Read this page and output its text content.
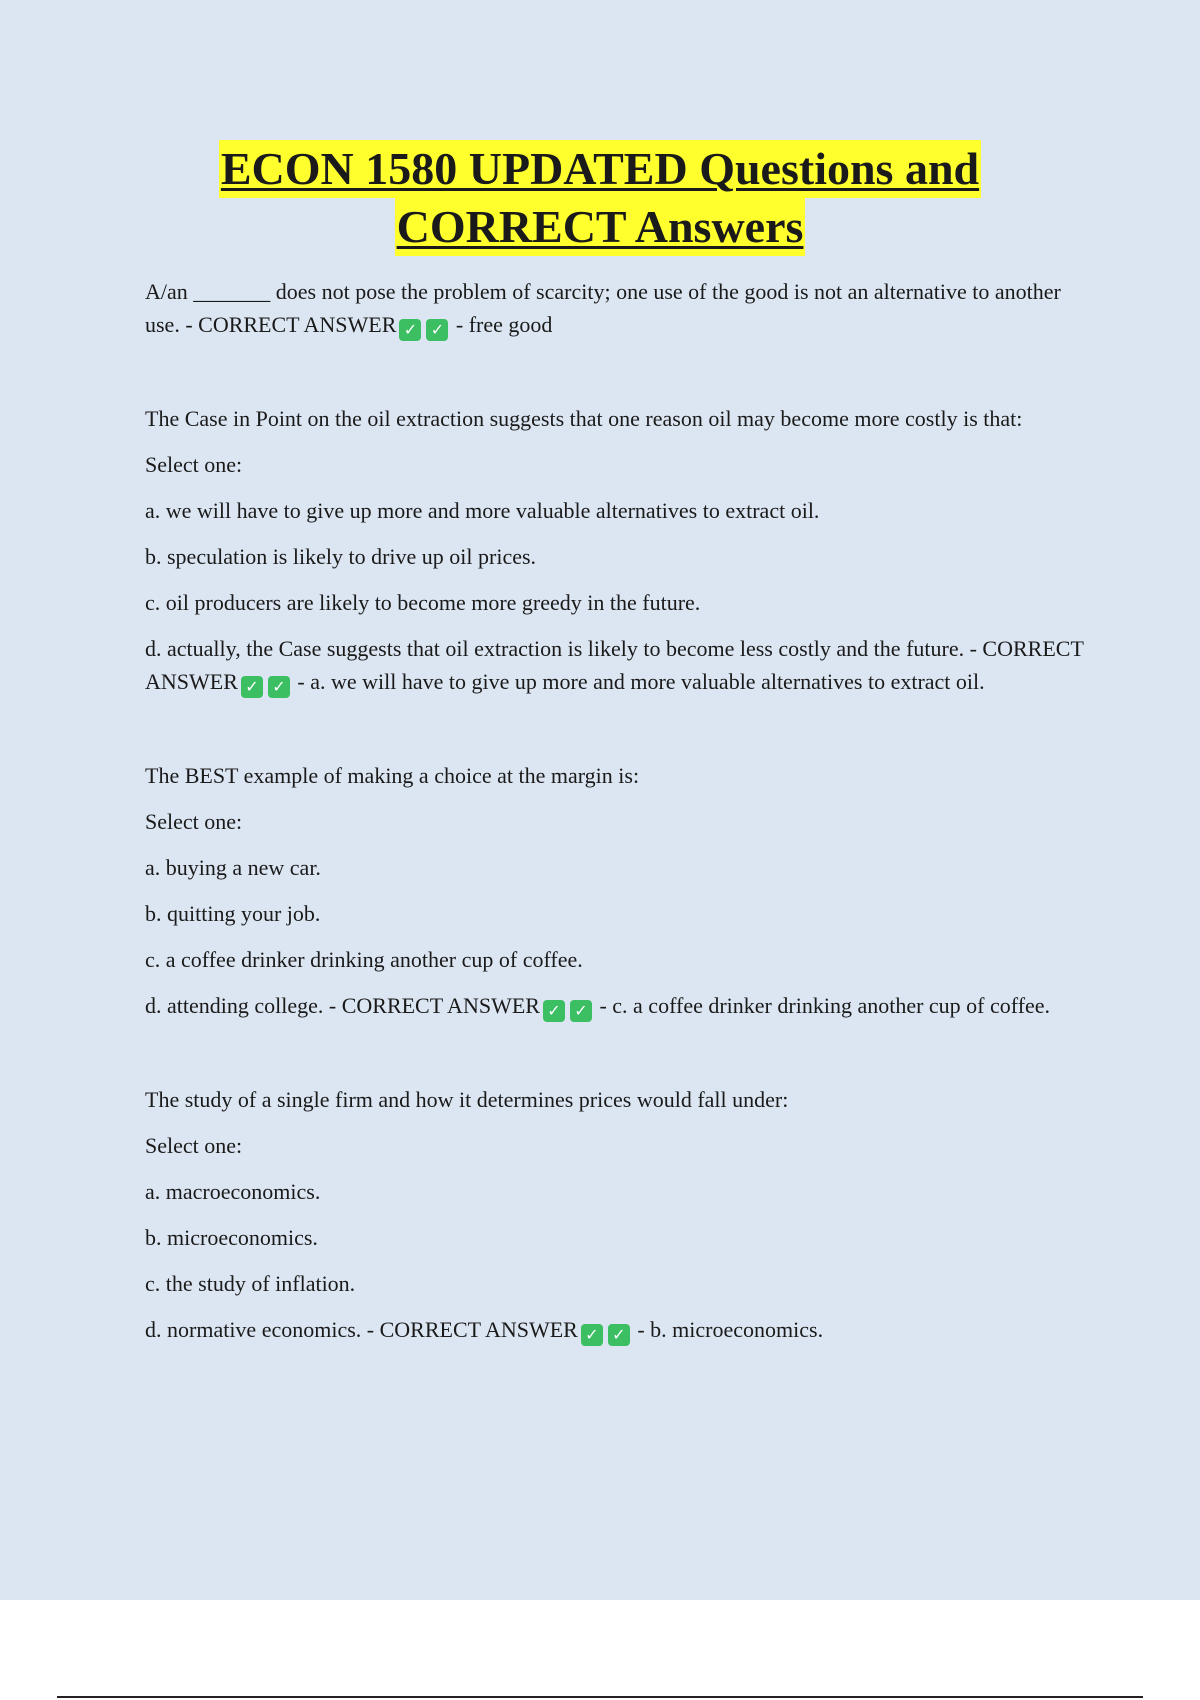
ECON 1580 UPDATED Questions and
CORRECT Answers

A/an _______ does not pose the problem of scarcity; one use of the good is not an alternative to another use. - CORRECT ANSWER ✓ ✓ - free good

The Case in Point on the oil extraction suggests that one reason oil may become more costly is that:

Select one:

a. we will have to give up more and more valuable alternatives to extract oil.

b. speculation is likely to drive up oil prices.

c. oil producers are likely to become more greedy in the future.

d. actually, the Case suggests that oil extraction is likely to become less costly and the future. - CORRECT ANSWER ✓ ✓ - a. we will have to give up more and more valuable alternatives to extract oil.

The BEST example of making a choice at the margin is:

Select one:

a. buying a new car.

b. quitting your job.

c. a coffee drinker drinking another cup of coffee.

d. attending college. - CORRECT ANSWER ✓ ✓ - c. a coffee drinker drinking another cup of coffee.

The study of a single firm and how it determines prices would fall under:

Select one:

a. macroeconomics.

b. microeconomics.

c. the study of inflation.

d. normative economics. - CORRECT ANSWER ✓ ✓ - b. microeconomics.
